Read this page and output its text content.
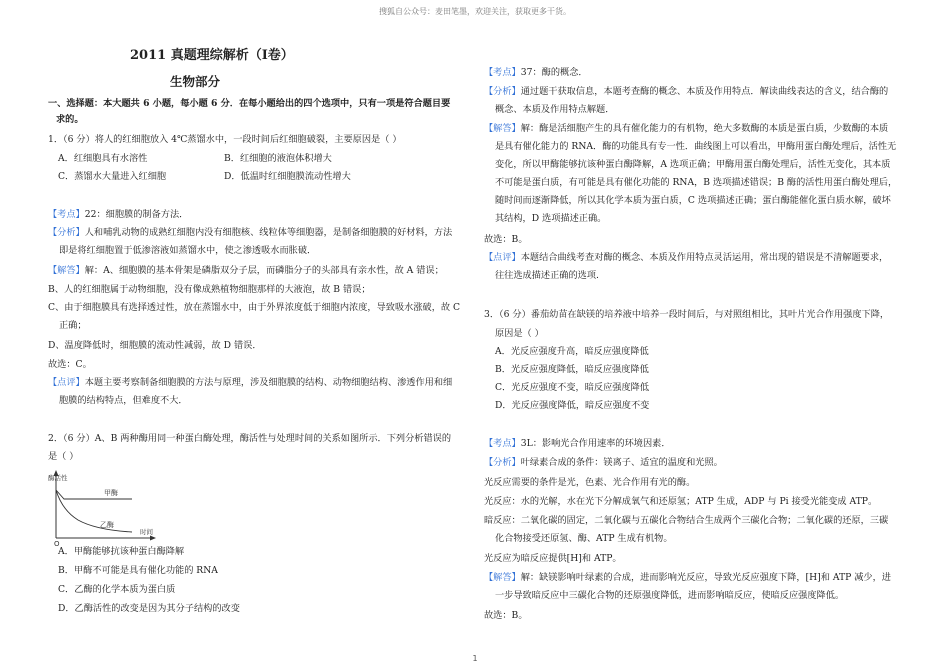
搜狐自公众号：麦田笔墨，欢迎关注，获取更多干货。
2011 真题理综解析（Ⅰ卷）
生物部分
一、选择题：本大题共 6 小题，每小题 6 分．在每小题给出的四个选项中，只有一项是符合题目要
求的。
1．（6 分）将人的红细胞放入 4℃蒸馏水中，一段时间后红细胞破裂，主要原因是（ ）
A．红细胞具有水溶性	B．红细胞的液泡体积增大
C．蒸馏水大量进入红细胞	D．低温时红细胞膜流动性增大
【考点】22：细胞膜的制备方法．
【分析】人和哺乳动物的成熟红细胞内没有细胞核、线粒体等细胞器，是制备细胞膜的好材料，方法
即是将红细胞置于低渗溶液如蒸馏水中，使之渗透吸水而胀破．
【解答】解：A、细胞膜的基本骨架是磷脂双分子层，而磷脂分子的头部具有亲水性，故 A 错误；
B、人的红细胞属于动物细胞，没有像成熟植物细胞那样的大液泡，故 B 错误；
C、由于细胞膜具有选择透过性，放在蒸馏水中，由于外界浓度低于细胞内浓度，导致吸水涨破，故 C
正确；
D、温度降低时，细胞膜的流动性减弱，故 D 错误．
故选：C。
【点评】本题主要考察制备细胞膜的方法与原理，涉及细胞膜的结构、动物细胞结构、渗透作用和细
胞膜的结构特点，但难度不大．
2．（6 分）A、B 两种酶用同一种蛋白酶处理，酶活性与处理时间的关系如图所示．下列分析错误的
是（ ）
酶活性
甲酶
乙酶
时间
O
A．甲酶能够抗该种蛋白酶降解
B．甲酶不可能是具有催化功能的 RNA
C．乙酶的化学本质为蛋白质
D．乙酶活性的改变是因为其分子结构的改变
【考点】37：酶的概念．
【分析】通过题干获取信息，本题考查酶的概念、本质及作用特点．解读曲线表达的含义，结合酶的
概念、本质及作用特点解题．
【解答】解：酶是活细胞产生的具有催化能力的有机物，绝大多数酶的本质是蛋白质，少数酶的本质
是具有催化能力的 RNA．酶的功能具有专一性．曲线图上可以看出，甲酶用蛋白酶处理后，活性无
变化，所以甲酶能够抗该种蛋白酶降解，A 选项正确；甲酶用蛋白酶处理后，活性无变化，其本质
不可能是蛋白质，有可能是具有催化功能的 RNA，B 选项描述错误；B 酶的活性用蛋白酶处理后，
随时间而逐渐降低，所以其化学本质为蛋白质，C 选项描述正确；蛋白酶能催化蛋白质水解，破坏
其结构，D 选项描述正确。
故选：B。
【点评】本题结合曲线考查对酶的概念、本质及作用特点灵活运用，常出现的错误是不清解题要求，
往往选成描述正确的选项.
3．（6 分）番茄幼苗在缺镁的培养液中培养一段时间后，与对照组相比，其叶片光合作用强度下降，
原因是（ ）
A．光反应强度升高，暗反应强度降低
B．光反应强度降低，暗反应强度降低
C．光反应强度不变，暗反应强度降低
D．光反应强度降低，暗反应强度不变
【考点】3L：影响光合作用速率的环境因素．
【分析】叶绿素合成的条件：镁离子、适宜的温度和光照。
光反应需要的条件是光，色素、光合作用有光的酶。
光反应：水的光解，水在光下分解成氧气和还原氢；ATP 生成，ADP 与 Pi 接受光能变成 ATP。
暗反应：二氧化碳的固定，二氧化碳与五碳化合物结合生成两个三碳化合物；二氧化碳的还原，三碳
化合物接受还原氢、酶、ATP 生成有机物。
光反应为暗反应提供[H]和 ATP。
【解答】解：缺镁影响叶绿素的合成，进而影响光反应，导致光反应强度下降，[H]和 ATP 减少，进
一步导致暗反应中三碳化合物的还原强度降低，进而影响暗反应，使暗反应强度降低。
故选：B。
1
